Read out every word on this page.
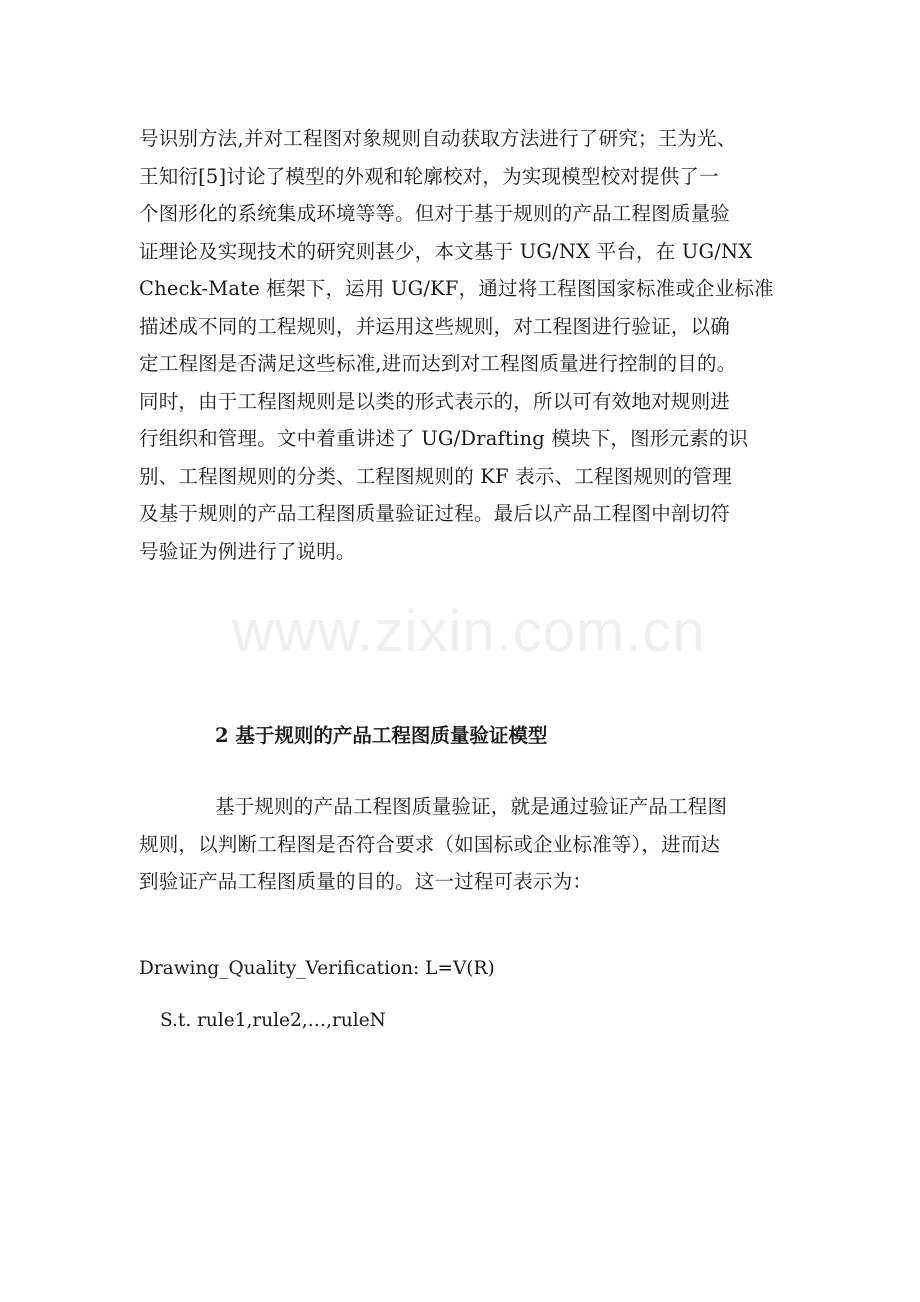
号识别方法,并对工程图对象规则自动获取方法进行了研究；王为光、
王知衍[5]讨论了模型的外观和轮廓校对，为实现模型校对提供了一
个图形化的系统集成环境等等。但对于基于规则的产品工程图质量验
证理论及实现技术的研究则甚少，本文基于 UG/NX 平台，在 UG/NX
Check-Mate 框架下，运用 UG/KF，通过将工程图国家标准或企业标准
描述成不同的工程规则，并运用这些规则，对工程图进行验证，以确
定工程图是否满足这些标准,进而达到对工程图质量进行控制的目的。
同时，由于工程图规则是以类的形式表示的，所以可有效地对规则进
行组织和管理。文中着重讲述了 UG/Drafting 模块下，图形元素的识
别、工程图规则的分类、工程图规则的 KF 表示、工程图规则的管理
及基于规则的产品工程图质量验证过程。最后以产品工程图中剖切符
号验证为例进行了说明。
2 基于规则的产品工程图质量验证模型
基于规则的产品工程图质量验证，就是通过验证产品工程图
规则，以判断工程图是否符合要求（如国标或企业标准等），进而达
到验证产品工程图质量的目的。这一过程可表示为：
Drawing_Quality_Verification: L=V(R)
S.t. rule1,rule2,…,ruleN
www.zixin.com.cn
